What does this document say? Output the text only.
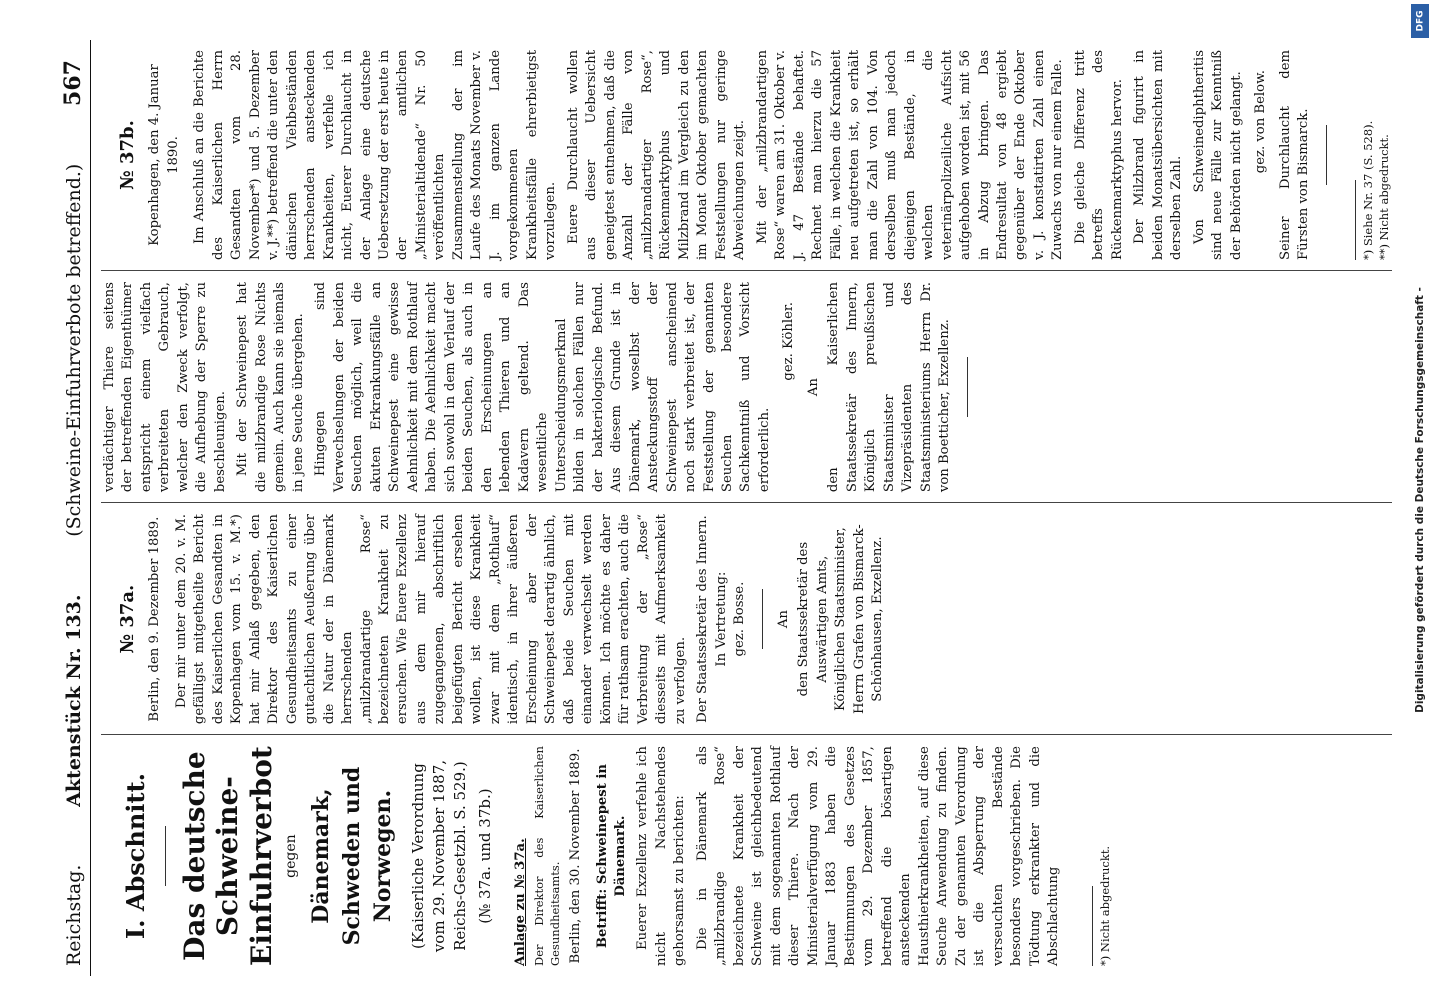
Reichstag.
Aktenstück Nr. 133.
(Schweine-Einfuhrverbote betreffend.)
567
I. Abschnitt. Das deutsche Schweine-Einfuhrverbot gegen Dänemark, Schweden und Norwegen. (Kaiserliche Verordnung vom 29. November 1887, Reichs-Gesetzbl. S. 529.) (№ 37a. und 37b.) Anlage zu № 37a. Der Direktor des Kaiserlichen Gesundheitsamts. Berlin, den 30. November 1889. Betrifft: Schweinepest in Dänemark. Euerer Exzellenz verfehle ich nicht Nachstehendes gehorsamst zu berichten: Die in Dänemark als „milzbrandige Rose“ bezeichnete Krankheit der Schweine ist gleichbedeutend mit dem sogenannten Rothlauf dieser Thiere. Nach der Ministerialverfügung vom 29. Januar 1883 haben die Bestimmungen des Gesetzes vom 29. Dezember 1857, betreffend die bösartigen ansteckenden Hausthierkrankheiten, auf diese Seuche Anwendung zu finden. Zu der genannten Verordnung ist die Absperrung der verseuchten Bestände besonders vorgeschrieben. Die Tödtung erkrankter und die Abschlachtung	*) Nicht abgedruckt.
№ 37a. Berlin, den 9. Dezember 1889. Der mir unter dem 20. v. M. gefälligst mitgetheilte Bericht des Kaiserlichen Gesandten in Kopenhagen vom 15. v. M.*) hat mir Anlaß gegeben, den Direktor des Kaiserlichen Gesundheitsamts zu einer gutachtlichen Aeußerung über die Natur der in Dänemark herrschenden „milzbrandartige Rose“ bezeichneten Krankheit zu ersuchen. Wie Euere Exzellenz aus dem mir hierauf zugegangenen, abschriftlich beigefügten Bericht ersehen wollen, ist diese Krankheit zwar mit dem „Rothlauf“ identisch, in ihrer äußeren Erscheinung aber der Schweinepest derartig ähnlich, daß beide Seuchen mit einander verwechselt werden können. Ich möchte es daher für rathsam erachten, auch die Verbreitung der „Rose“ diesseits mit Aufmerksamkeit zu verfolgen. Der Staatssekretär des Innern. In Vertretung: gez. Bosse. An den Staatssekretär des Auswärtigen Amts, Königlichen Staatsminister, Herrn Grafen von Bismarck-Schönhausen, Exzellenz.

verdächtiger Thiere seitens der betreffenden Eigenthümer entspricht einem vielfach verbreiteten Gebrauch, welcher den Zweck verfolgt, die Aufhebung der Sperre zu beschleunigen. Mit der Schweinepest hat die milzbrandige Rose Nichts gemein. Auch kann sie niemals in jene Seuche übergehen. Hingegen sind Verwechselungen der beiden Seuchen möglich, weil die akuten Erkrankungsfälle an Schweinepest eine gewisse Aehnlichkeit mit dem Rothlauf haben. Die Aehnlichkeit macht sich sowohl in dem Verlauf der beiden Seuchen, als auch in den Erscheinungen an lebenden Thieren und an Kadavern geltend. Das wesentliche Unterscheidungsmerkmal bilden in solchen Fällen nur der bakteriologische Befund. Aus diesem Grunde ist in Dänemark, woselbst der Ansteckungsstoff der Schweinepest anscheinend noch stark verbreitet ist, der Feststellung der genannten Seuchen besondere Sachkenntniß und Vorsicht erforderlich.

gez. Köhler.
An den Kaiserlichen Staatssekretär des Innern, Königlich preußischen Staatsminister und Vizepräsidenten des Staatsministeriums Herrn Dr. von Boetticher, Exzellenz.

№ 37b. Kopenhagen, den 4. Januar 1890. Im Anschluß an die Berichte des Kaiserlichen Herrn Gesandten vom 28. November*) und 5. Dezember v. J.**) betreffend die unter den dänischen Viehbeständen herrschenden ansteckenden Krankheiten, verfehle ich nicht, Euerer Durchlaucht in der Anlage eine deutsche Uebersetzung der erst heute in der amtlichen „Ministerialtidende“ Nr. 50 veröffentlichten Zusammenstellung der im Laufe des Monats November v. J. im ganzen Lande vorgekommenen Krankheitsfälle ehrerbietigst vorzulegen. Euere Durchlaucht wollen aus dieser Uebersicht geneigtest entnehmen, daß die Anzahl der Fälle von „milzbrandartiger Rose“, Rückenmarktyphus und Milzbrand im Vergleich zu den im Monat Oktober gemachten Feststellungen nur geringe Abweichungen zeigt. Mit der „milzbrandartigen Rose“ waren am 31. Oktober v. J. 47 Bestände behaftet. Rechnet man hierzu die 57 Fälle, in welchen die Krankheit neu aufgetreten ist, so erhält man die Zahl von 104. Von derselben muß man jedoch diejenigen Bestände, in welchen die veterinärpolizeiliche Aufsicht aufgehoben worden ist, mit 56 in Abzug bringen. Das Endresultat von 48 ergiebt gegenüber der Ende Oktober v. J. konstatirten Zahl einen Zuwachs von nur einem Falle. Die gleiche Differenz tritt betreffs des Rückenmarktyphus hervor. Der Milzbrand figurirt in beiden Monatsübersichten mit derselben Zahl. Von Schweinediphtheritis sind neue Fälle zur Kenntniß der Behörden nicht gelangt. gez. von Below. Seiner Durchlaucht dem Fürsten von Bismarck.	*) Siehe Nr. 37 (S. 528). **) Nicht abgedruckt.
Digitalisierung gefördert durch die Deutsche Forschungsgemeinschaft -
DFG
